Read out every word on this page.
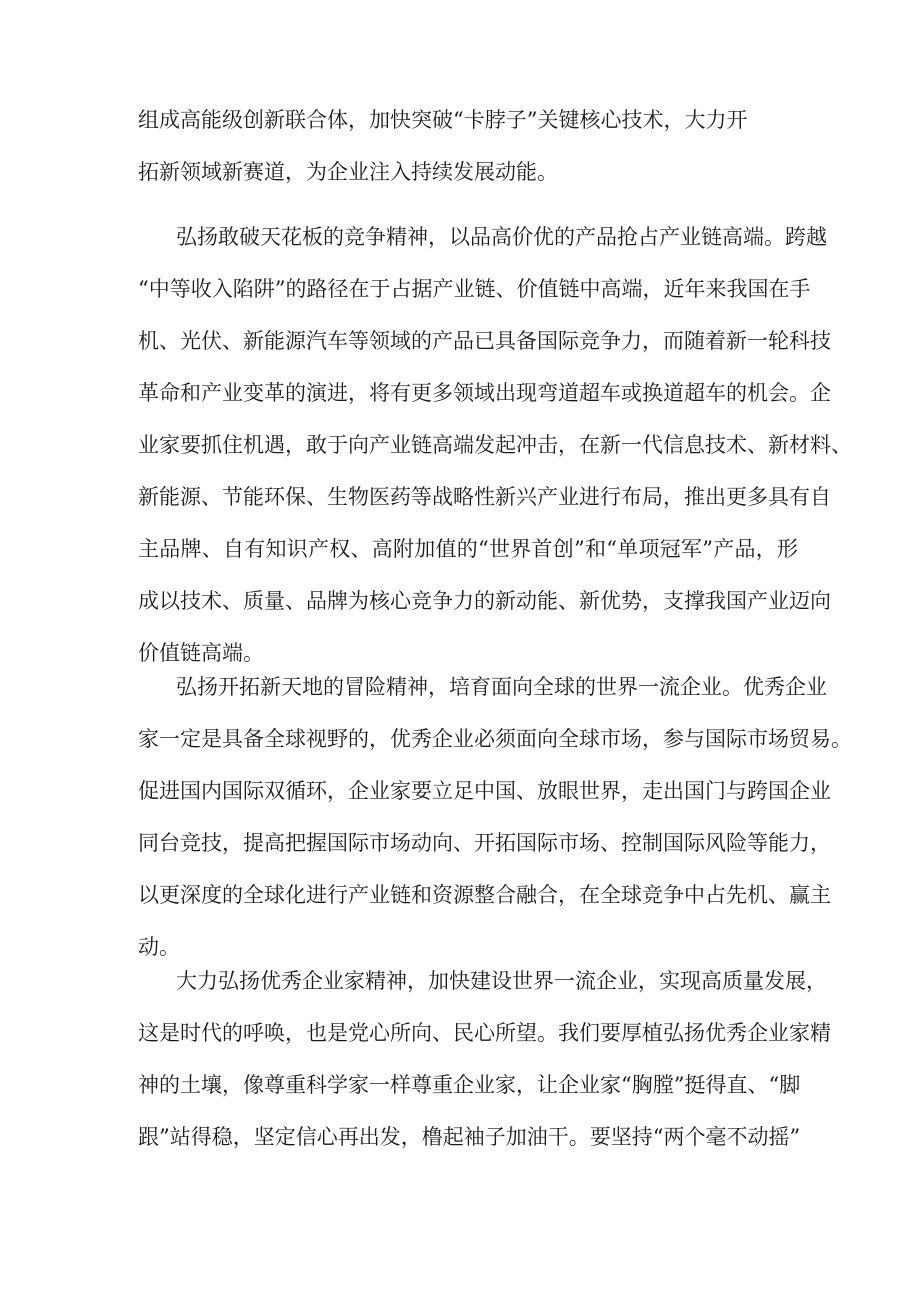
组成高能级创新联合体，加快突破“卡脖子”关键核心技术，大力开
拓新领域新赛道，为企业注入持续发展动能。
弘扬敢破天花板的竞争精神，以品高价优的产品抢占产业链高端。跨越
“中等收入陷阱”的路径在于占据产业链、价值链中高端，近年来我国在手
机、光伏、新能源汽车等领域的产品已具备国际竞争力，而随着新一轮科技
革命和产业变革的演进，将有更多领域出现弯道超车或换道超车的机会。企
业家要抓住机遇，敢于向产业链高端发起冲击，在新一代信息技术、新材料、
新能源、节能环保、生物医药等战略性新兴产业进行布局，推出更多具有自
主品牌、自有知识产权、高附加值的“世界首创”和“单项冠军”产品，形
成以技术、质量、品牌为核心竞争力的新动能、新优势，支撑我国产业迈向
价值链高端。
弘扬开拓新天地的冒险精神，培育面向全球的世界一流企业。优秀企业
家一定是具备全球视野的，优秀企业必须面向全球市场，参与国际市场贸易。
促进国内国际双循环，企业家要立足中国、放眼世界，走出国门与跨国企业
同台竞技，提高把握国际市场动向、开拓国际市场、控制国际风险等能力，
以更深度的全球化进行产业链和资源整合融合，在全球竞争中占先机、赢主
动。
大力弘扬优秀企业家精神，加快建设世界一流企业，实现高质量发展，
这是时代的呼唤，也是党心所向、民心所望。我们要厚植弘扬优秀企业家精
神的土壤，像尊重科学家一样尊重企业家，让企业家“胸膛”挺得直、“脚
跟”站得稳，坚定信心再出发，橹起袖子加油干。要坚持“两个毫不动摇”
